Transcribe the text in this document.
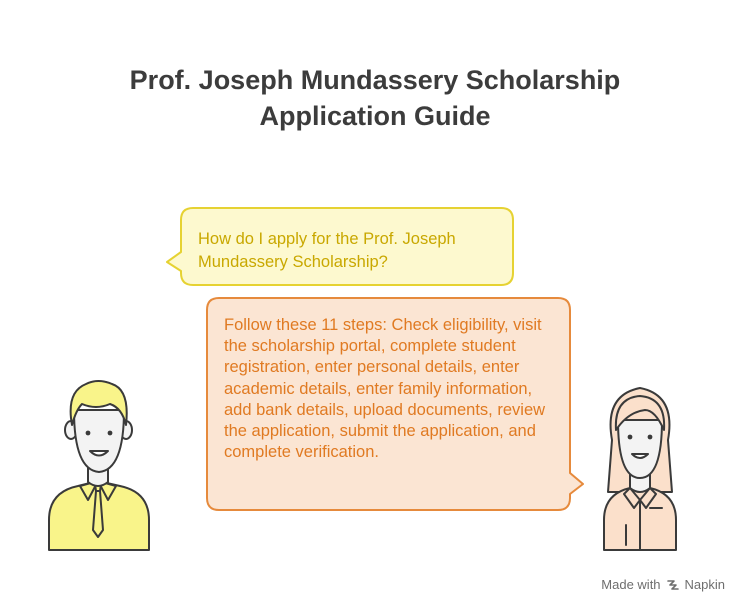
Prof. Joseph Mundassery Scholarship
Application Guide
How do I apply for the Prof. Joseph Mundassery Scholarship?
Follow these 11 steps: Check eligibility, visit the scholarship portal, complete student registration, enter personal details, enter academic details, enter family information, add bank details, upload documents, review the application, submit the application, and complete verification.
Made with Napkin
